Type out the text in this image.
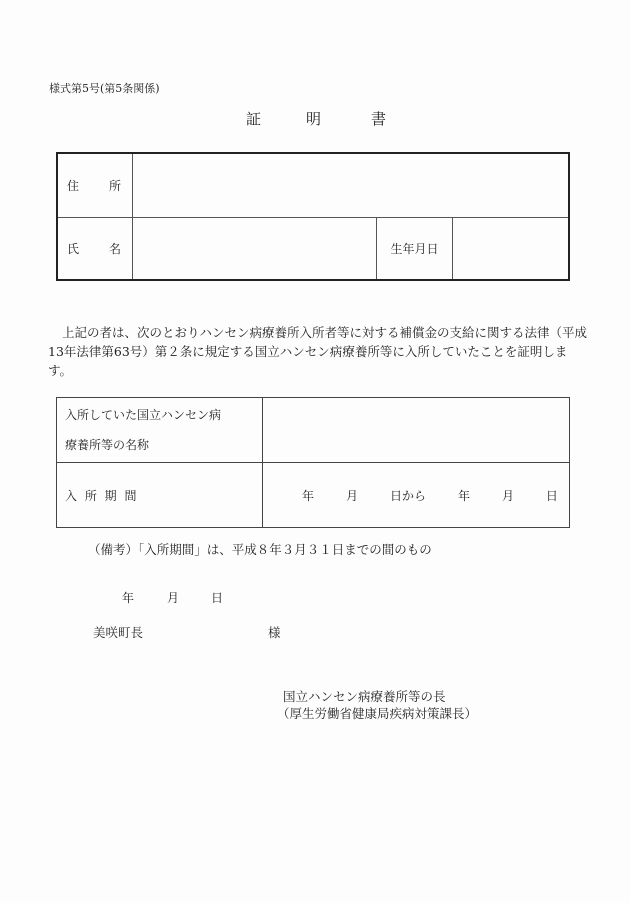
様式第5号(第5条関係)
証	明	書
住 所			

氏 名		生年月日	
上記の者は、次のとおりハンセン病療養所入所者等に対する補償金の支給に関する法律（平成13年法律第63号）第２条に規定する国立ハンセン病療養所等に入所していたことを証明します。
入所していた国立ハンセン病
療養所等の名称	

入 所 期 間	年	月	日から	年	月	日
（備考）「入所期間」は、平成８年３月３１日までの間のもの
年	月	日
美咲町長	様
国立ハンセン病療養所等の長
（厚生労働省健康局疾病対策課長）
